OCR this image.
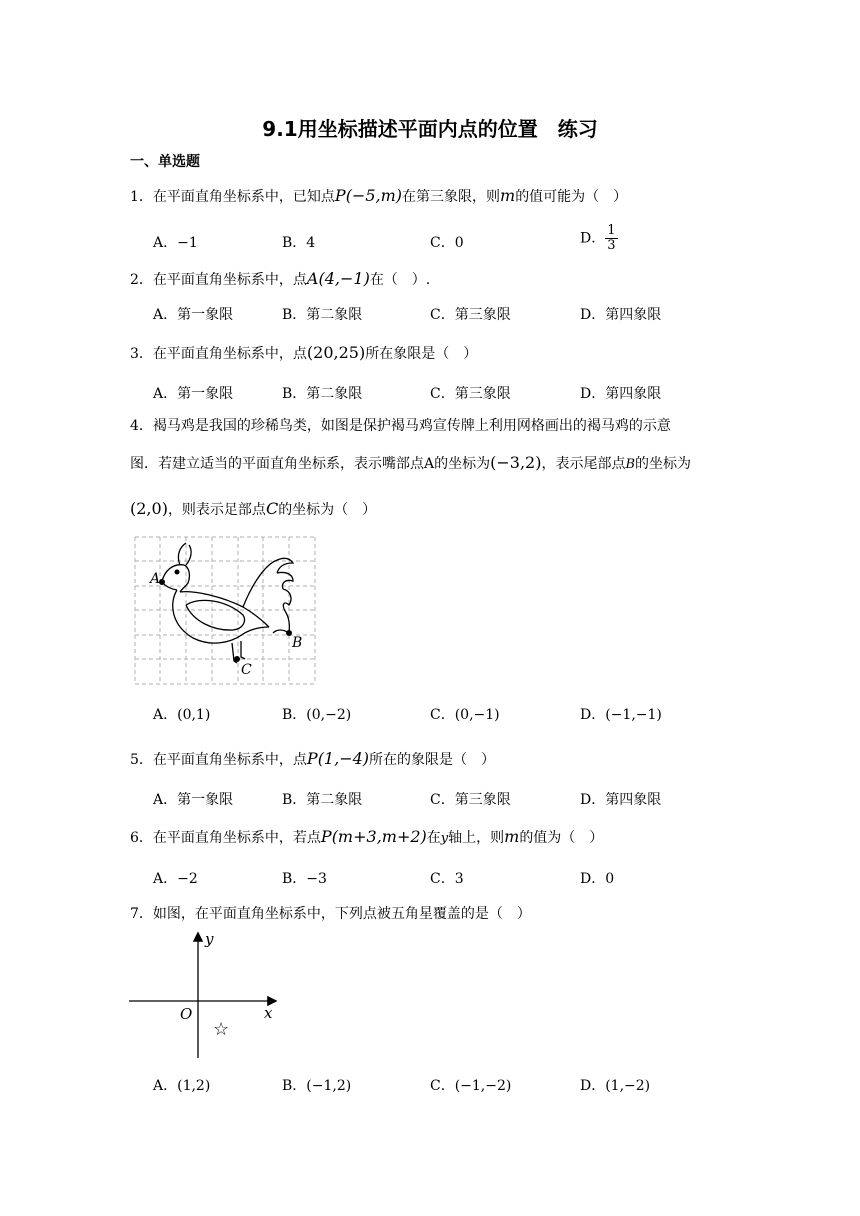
9.1用坐标描述平面内点的位置　练习
一、单选题
1．在平面直角坐标系中，已知点P(−5,m)在第三象限，则m的值可能为（　）
A．−1	B．4	C．0	D． $\frac{1}{3}$
2．在平面直角坐标系中，点A(4,−1)在（　）.
A．第一象限	B．第二象限	C．第三象限	D．第四象限
3．在平面直角坐标系中，点(20,25)所在象限是（　）
A．第一象限	B．第二象限	C．第三象限	D．第四象限
4．褐马鸡是我国的珍稀鸟类，如图是保护褐马鸡宣传牌上利用网格画出的褐马鸡的示意
图．若建立适当的平面直角坐标系，表示嘴部点A的坐标为(−3,2)，表示尾部点B的坐标为
(2,0)，则表示足部点C的坐标为（　）
A
B
C
A．(0,1)	B．(0,−2)	C．(0,−1)	D．(−1,−1)
5．在平面直角坐标系中，点P(1,−4)所在的象限是（　）
A．第一象限	B．第二象限	C．第三象限	D．第四象限
6．在平面直角坐标系中，若点P(m+3,m+2)在y轴上，则m的值为（　）
A．−2	B．−3	C．3	D．0
7．如图，在平面直角坐标系中，下列点被五角星覆盖的是（　）
y
x
O
☆
A．(1,2)	B．(−1,2)	C．(−1,−2)	D．(1,−2)
